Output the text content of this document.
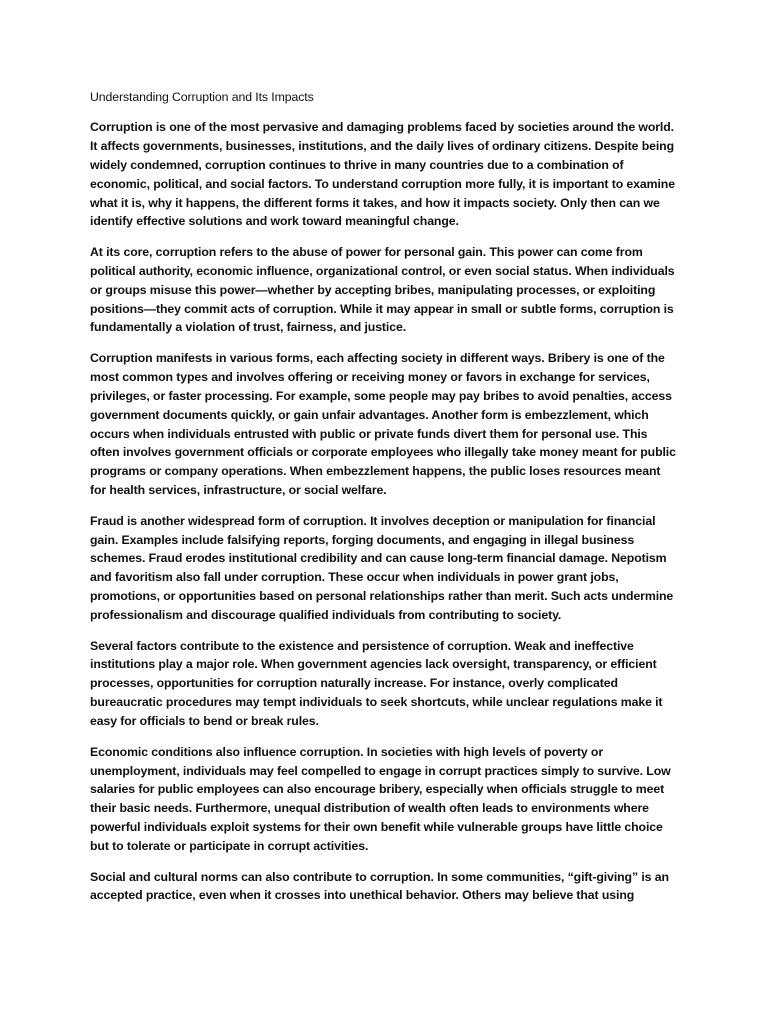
Understanding Corruption and Its Impacts

Corruption is one of the most pervasive and damaging problems faced by societies around the world. It affects governments, businesses, institutions, and the daily lives of ordinary citizens. Despite being widely condemned, corruption continues to thrive in many countries due to a combination of economic, political, and social factors. To understand corruption more fully, it is important to examine what it is, why it happens, the different forms it takes, and how it impacts society. Only then can we identify effective solutions and work toward meaningful change.

At its core, corruption refers to the abuse of power for personal gain. This power can come from political authority, economic influence, organizational control, or even social status. When individuals or groups misuse this power—whether by accepting bribes, manipulating processes, or exploiting positions—they commit acts of corruption. While it may appear in small or subtle forms, corruption is fundamentally a violation of trust, fairness, and justice.

Corruption manifests in various forms, each affecting society in different ways. Bribery is one of the most common types and involves offering or receiving money or favors in exchange for services, privileges, or faster processing. For example, some people may pay bribes to avoid penalties, access government documents quickly, or gain unfair advantages. Another form is embezzlement, which occurs when individuals entrusted with public or private funds divert them for personal use. This often involves government officials or corporate employees who illegally take money meant for public programs or company operations. When embezzlement happens, the public loses resources meant for health services, infrastructure, or social welfare.

Fraud is another widespread form of corruption. It involves deception or manipulation for financial gain. Examples include falsifying reports, forging documents, and engaging in illegal business schemes. Fraud erodes institutional credibility and can cause long-term financial damage. Nepotism and favoritism also fall under corruption. These occur when individuals in power grant jobs, promotions, or opportunities based on personal relationships rather than merit. Such acts undermine professionalism and discourage qualified individuals from contributing to society.

Several factors contribute to the existence and persistence of corruption. Weak and ineffective institutions play a major role. When government agencies lack oversight, transparency, or efficient processes, opportunities for corruption naturally increase. For instance, overly complicated bureaucratic procedures may tempt individuals to seek shortcuts, while unclear regulations make it easy for officials to bend or break rules.

Economic conditions also influence corruption. In societies with high levels of poverty or unemployment, individuals may feel compelled to engage in corrupt practices simply to survive. Low salaries for public employees can also encourage bribery, especially when officials struggle to meet their basic needs. Furthermore, unequal distribution of wealth often leads to environments where powerful individuals exploit systems for their own benefit while vulnerable groups have little choice but to tolerate or participate in corrupt activities.

Social and cultural norms can also contribute to corruption. In some communities, “gift-giving” is an accepted practice, even when it crosses into unethical behavior. Others may believe that using
